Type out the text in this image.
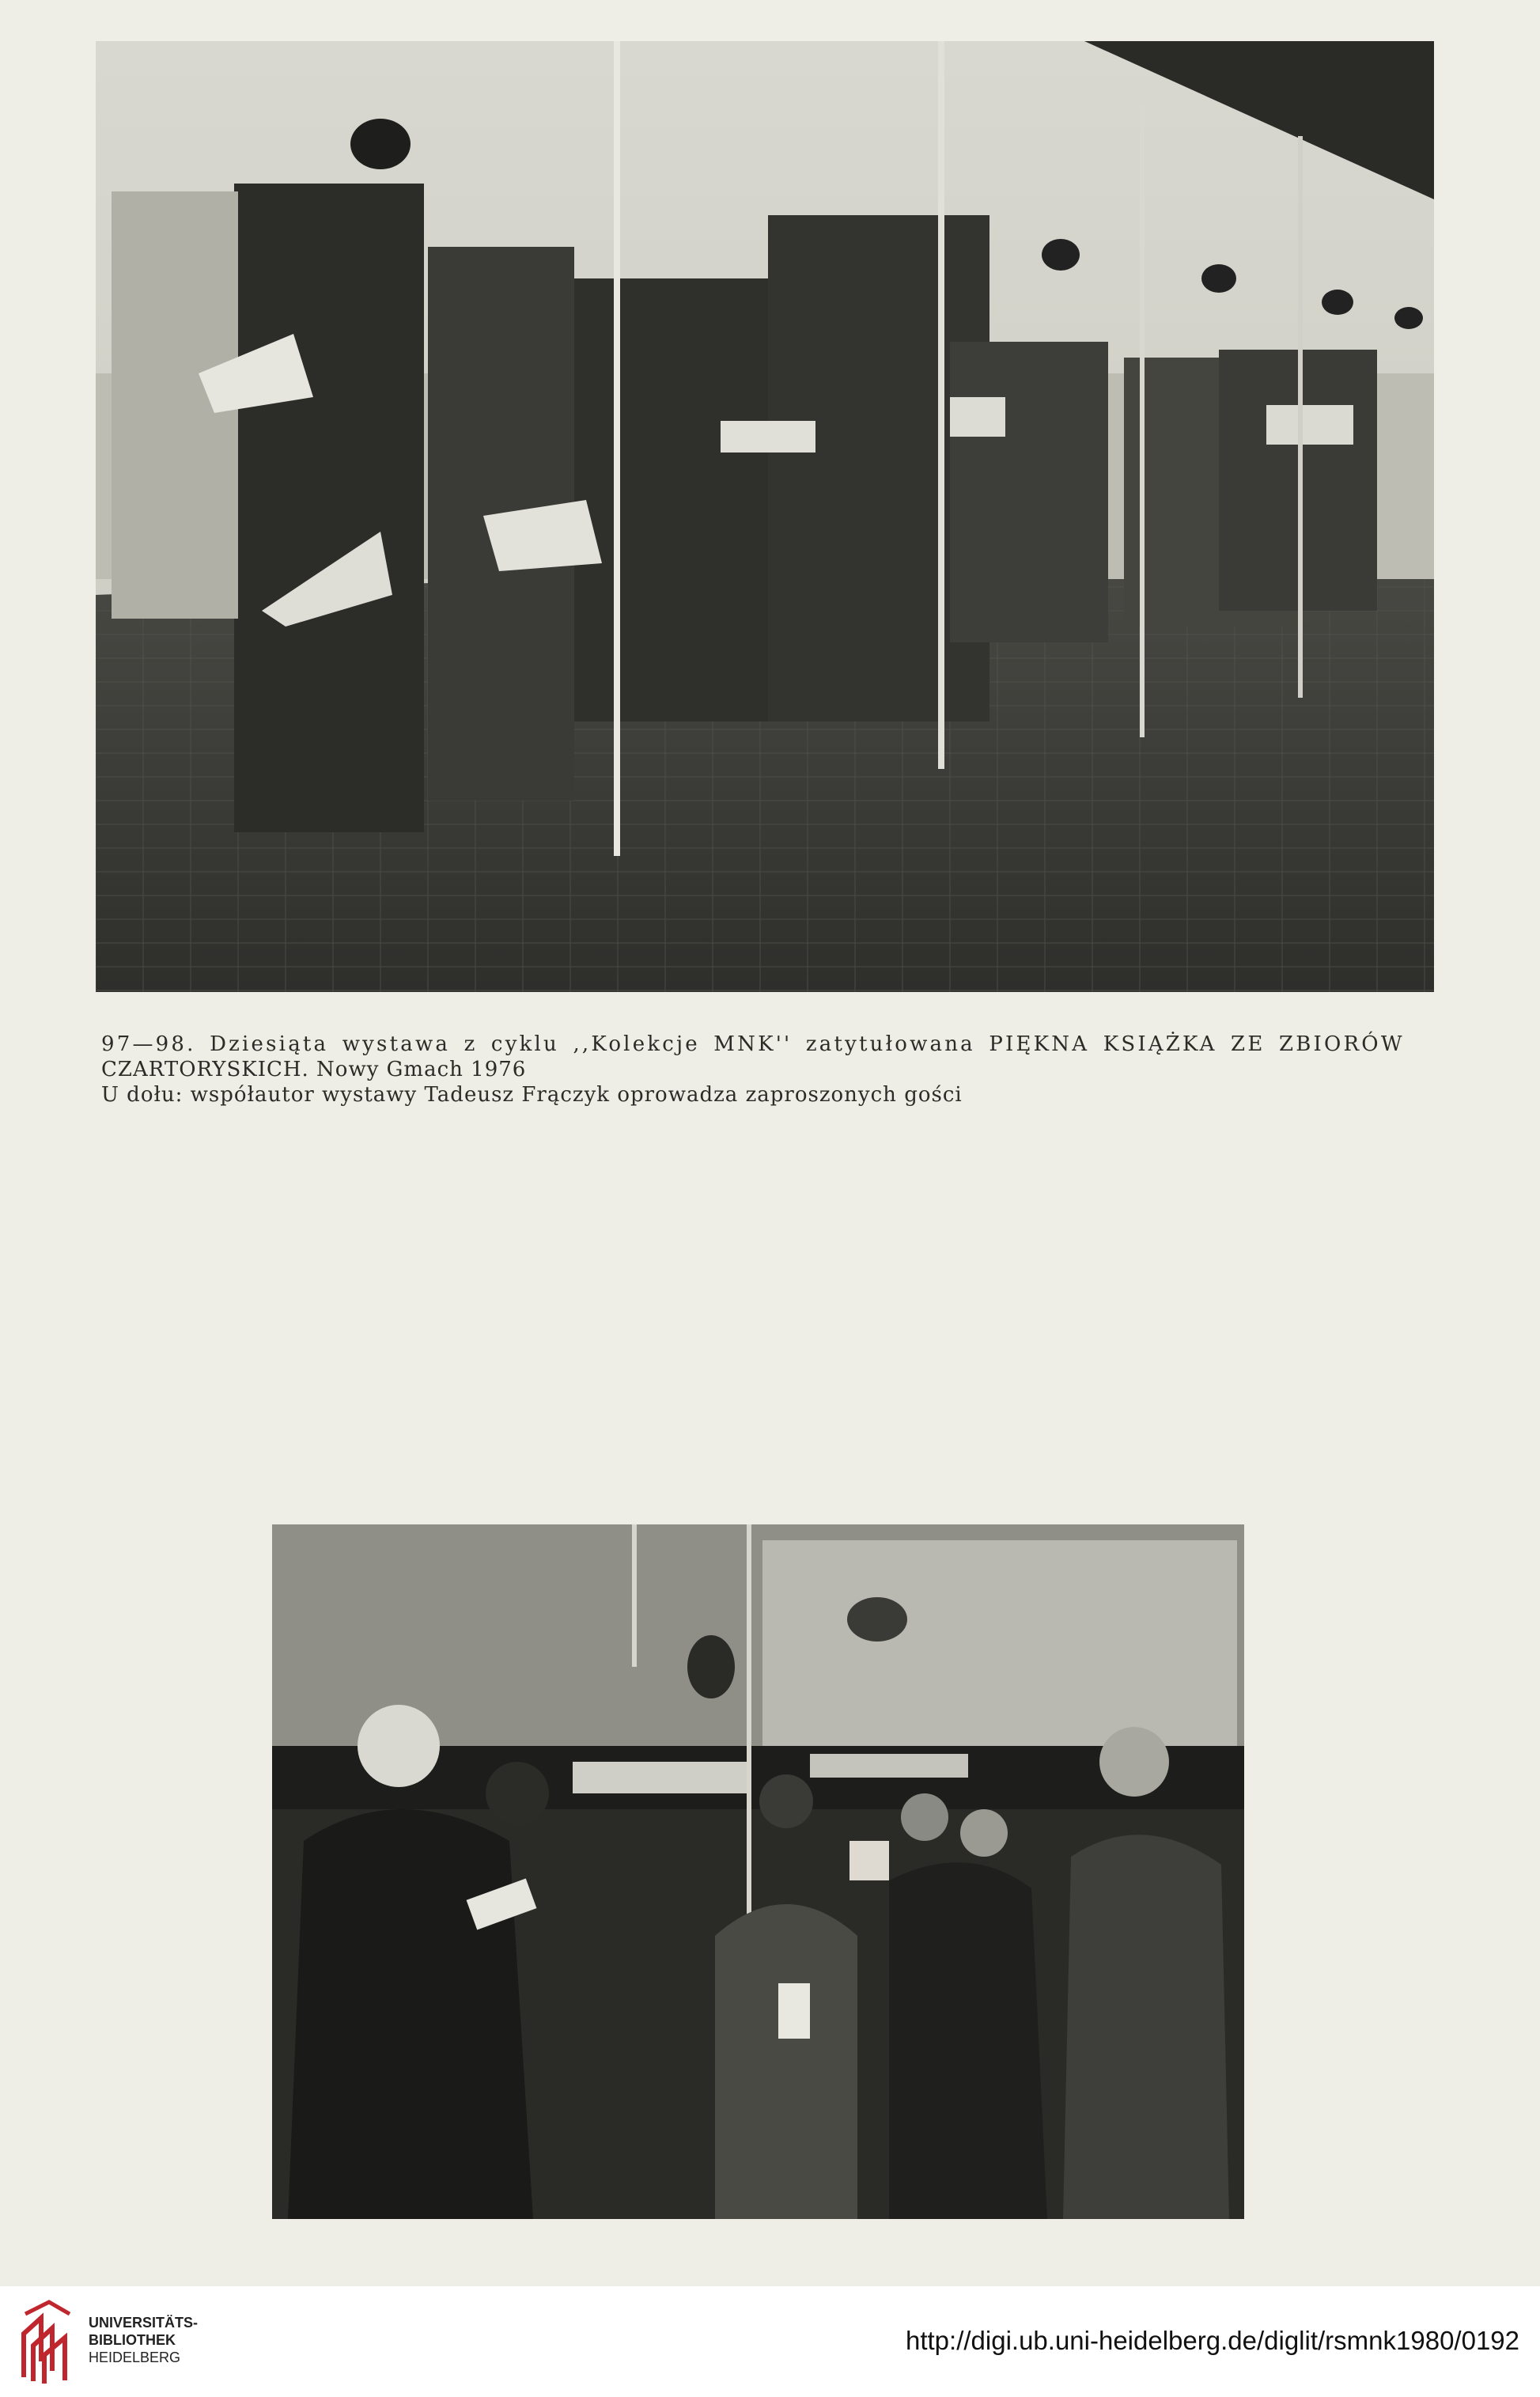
97—98. Dziesiąta wystawa z cyklu ,,Kolekcje MNK'' zatytułowana PIĘKNA KSIĄŻKA ZE ZBIORÓW
CZARTORYSKICH. Nowy Gmach 1976
U dołu: współautor wystawy Tadeusz Frączyk oprowadza zaproszonych gości
UNIVERSITÄTS-
BIBLIOTHEK
HEIDELBERG
http://digi.ub.uni-heidelberg.de/diglit/rsmnk1980/0192
